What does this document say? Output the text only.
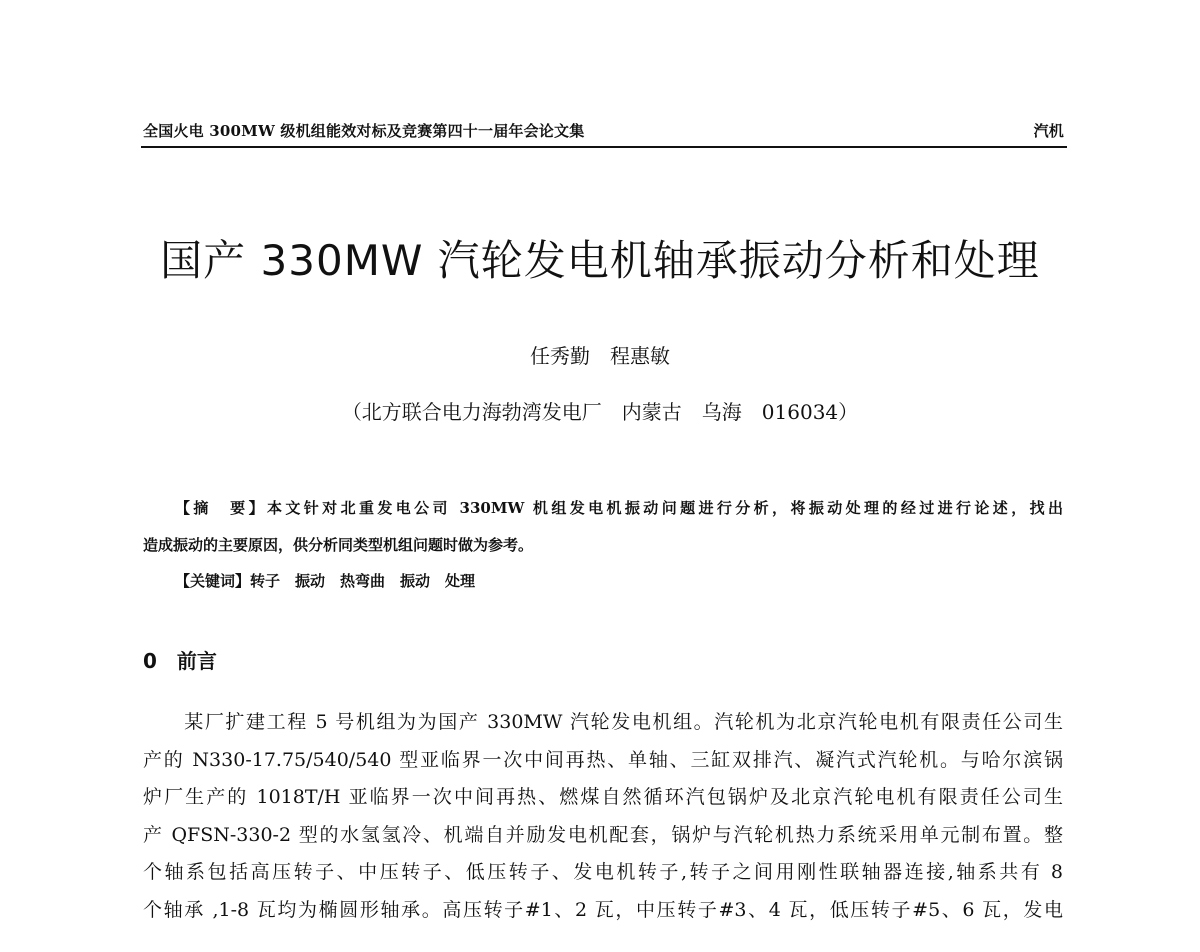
全国火电 300MW 级机组能效对标及竞赛第四十一届年会论文集	汽机
国产 330MW 汽轮发电机轴承振动分析和处理
任秀勤　程惠敏
（北方联合电力海勃湾发电厂　内蒙古　乌海　016034）
【摘　要】本文针对北重发电公司 330MW 机组发电机振动问题进行分析，将振动处理的经过进行论述，找出
造成振动的主要原因，供分析同类型机组问题时做为参考。
【关键词】转子　振动　热弯曲　振动　处理
0 前言
　　某厂扩建工程 5 号机组为为国产 330MW 汽轮发电机组。汽轮机为北京汽轮电机有限责任公司生
产的 N330-17.75/540/540 型亚临界一次中间再热、单轴、三缸双排汽、凝汽式汽轮机。与哈尔滨锅
炉厂生产的 1018T/H 亚临界一次中间再热、燃煤自然循环汽包锅炉及北京汽轮电机有限责任公司生
产 QFSN-330-2 型的水氢氢冷、机端自并励发电机配套，锅炉与汽轮机热力系统采用单元制布置。整
个轴系包括高压转子、中压转子、低压转子、发电机转子,转子之间用刚性联轴器连接,轴系共有 8
个轴承 ,1-8 瓦均为椭圆形轴承。高压转子#1、2 瓦，中压转子#3、4 瓦，低压转子#5、6 瓦，发电
